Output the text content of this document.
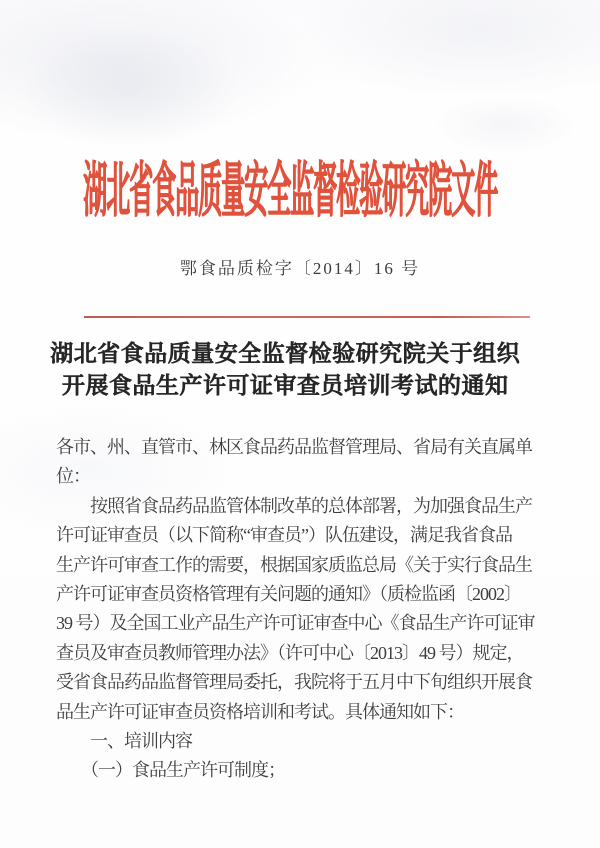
湖北省食品质量安全监督检验研究院文件
鄂食品质检字〔2014〕16 号
湖北省食品质量安全监督检验研究院关于组织
开展食品生产许可证审查员培训考试的通知
各市、州、直管市、林区食品药品监督管理局、省局有关直属单
位：
　　按照省食品药品监管体制改革的总体部署，为加强食品生产
许可证审查员（以下简称“审查员”）队伍建设，满足我省食品
生产许可审查工作的需要，根据国家质监总局《关于实行食品生
产许可证审查员资格管理有关问题的通知》（质检监函〔2002〕
39 号）及全国工业产品生产许可证审查中心《食品生产许可证审
查员及审查员教师管理办法》（许可中心〔2013〕49 号）规定，
受省食品药品监督管理局委托，我院将于五月中下旬组织开展食
品生产许可证审查员资格培训和考试。具体通知如下：
　　一、培训内容
　　（一）食品生产许可制度；
